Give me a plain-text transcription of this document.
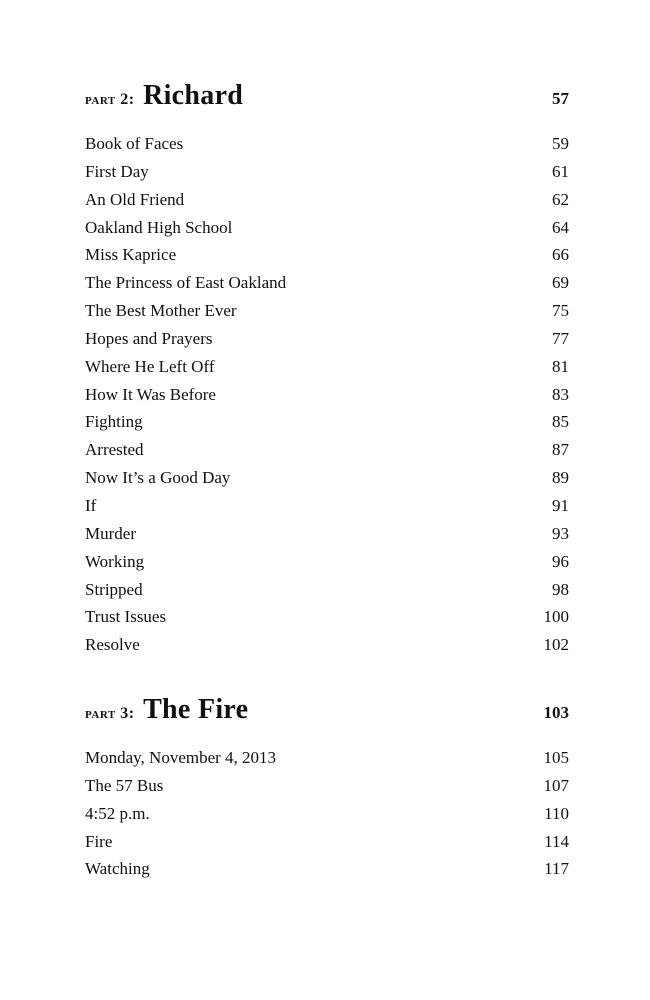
part 2: Richard	57
Book of Faces	59
First Day	61
An Old Friend	62
Oakland High School	64
Miss Kaprice	66
The Princess of East Oakland	69
The Best Mother Ever	75
Hopes and Prayers	77
Where He Left Off	81
How It Was Before	83
Fighting	85
Arrested	87
Now It’s a Good Day	89
If	91
Murder	93
Working	96
Stripped	98
Trust Issues	100
Resolve	102
part 3: The Fire	103
Monday, November 4, 2013	105
The 57 Bus	107
4:52 p.m.	110
Fire	114
Watching	117
